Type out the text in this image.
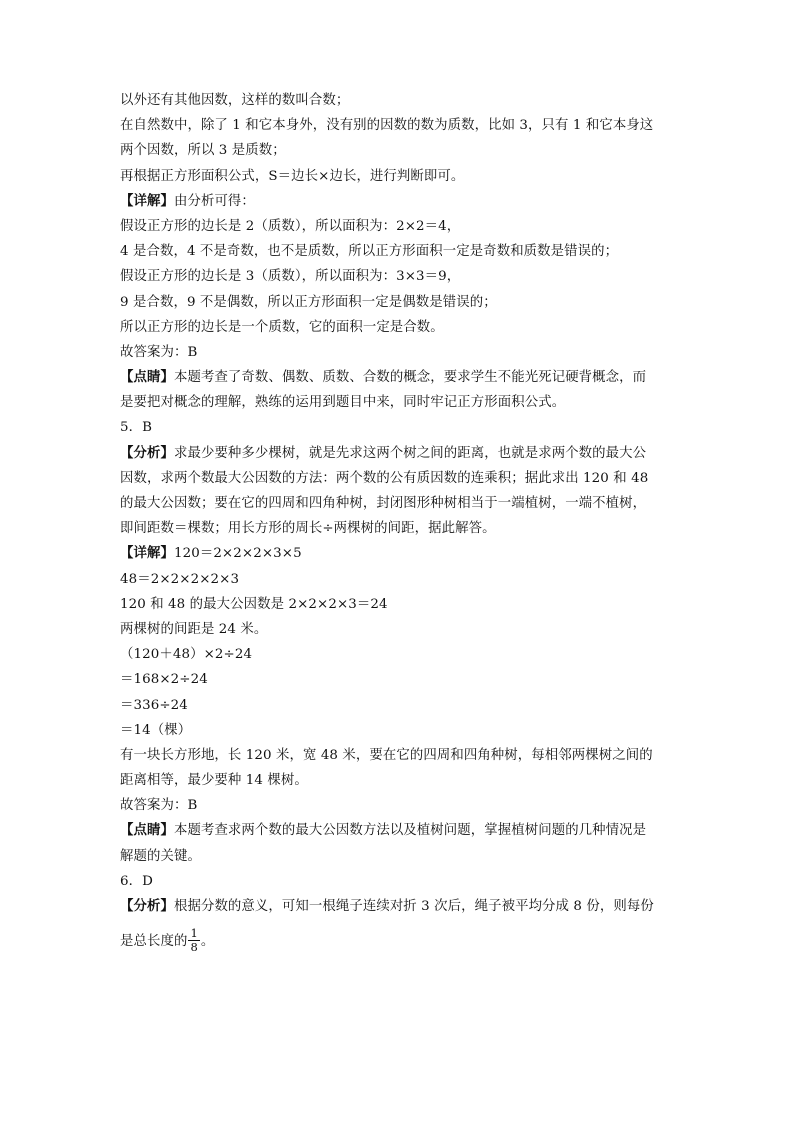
以外还有其他因数，这样的数叫合数；
在自然数中，除了 1 和它本身外，没有别的因数的数为质数，比如 3，只有 1 和它本身这
两个因数，所以 3 是质数；
再根据正方形面积公式，S＝边长×边长，进行判断即可。
【详解】由分析可得：
假设正方形的边长是 2（质数），所以面积为：2×2＝4，
4 是合数，4 不是奇数，也不是质数，所以正方形面积一定是奇数和质数是错误的；
假设正方形的边长是 3（质数），所以面积为：3×3＝9，
9 是合数，9 不是偶数，所以正方形面积一定是偶数是错误的；
所以正方形的边长是一个质数，它的面积一定是合数。
故答案为：B
【点睛】本题考查了奇数、偶数、质数、合数的概念，要求学生不能光死记硬背概念，而
是要把对概念的理解，熟练的运用到题目中来，同时牢记正方形面积公式。
5．B
【分析】求最少要种多少棵树，就是先求这两个树之间的距离，也就是求两个数的最大公
因数，求两个数最大公因数的方法：两个数的公有质因数的连乘积；据此求出 120 和 48
的最大公因数；要在它的四周和四角种树，封闭图形种树相当于一端植树，一端不植树，
即间距数＝棵数；用长方形的周长÷两棵树的间距，据此解答。
【详解】120＝2×2×2×3×5
48＝2×2×2×2×3
120 和 48 的最大公因数是 2×2×2×3＝24
两棵树的间距是 24 米。
（120＋48）×2÷24
＝168×2÷24
＝336÷24
＝14（棵）
有一块长方形地，长 120 米，宽 48 米，要在它的四周和四角种树，每相邻两棵树之间的
距离相等，最少要种 14 棵树。
故答案为：B
【点睛】本题考查求两个数的最大公因数方法以及植树问题，掌握植树问题的几种情况是
解题的关键。
6．D
【分析】根据分数的意义，可知一根绳子连续对折 3 次后，绳子被平均分成 8 份，则每份
是总长度的 $\frac{1}{8}$ 。
